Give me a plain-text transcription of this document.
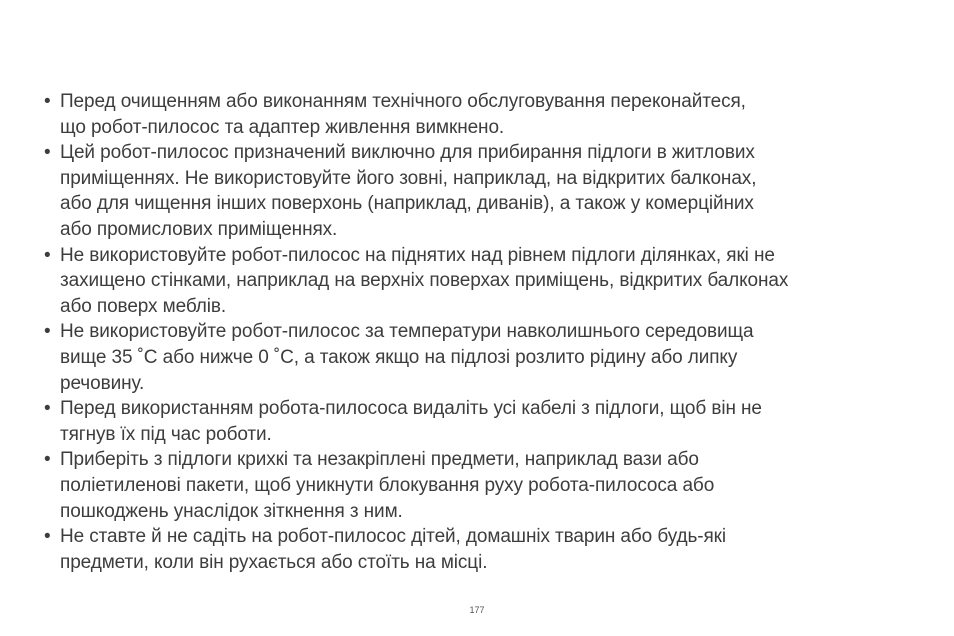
• Перед очищенням або виконанням технічного обслуговування переконайтеся,
що робот-пилосос та адаптер живлення вимкнено.
• Цей робот-пилосос призначений виключно для прибирання підлоги в житлових
приміщеннях. Не використовуйте його зовні, наприклад, на відкритих балконах,
або для чищення інших поверхонь (наприклад, диванів), а також у комерційних
або промислових приміщеннях.
• Не використовуйте робот-пилосос на піднятих над рівнем підлоги ділянках, які не
захищено стінками, наприклад на верхніх поверхах приміщень, відкритих балконах
або поверх меблів.
• Не використовуйте робот-пилосос за температури навколишнього середовища
вище 35 ˚C або нижче 0 ˚C, а також якщо на підлозі розлито рідину або липку
речовину.
• Перед використанням робота-пилососа видаліть усі кабелі з підлоги, щоб він не
тягнув їх під час роботи.
• Приберіть з підлоги крихкі та незакріплені предмети, наприклад вази або
поліетиленові пакети, щоб уникнути блокування руху робота-пилососа або
пошкоджень унаслідок зіткнення з ним.
• Не ставте й не садіть на робот-пилосос дітей, домашніх тварин або будь-які
предмети, коли він рухається або стоїть на місці.
177
